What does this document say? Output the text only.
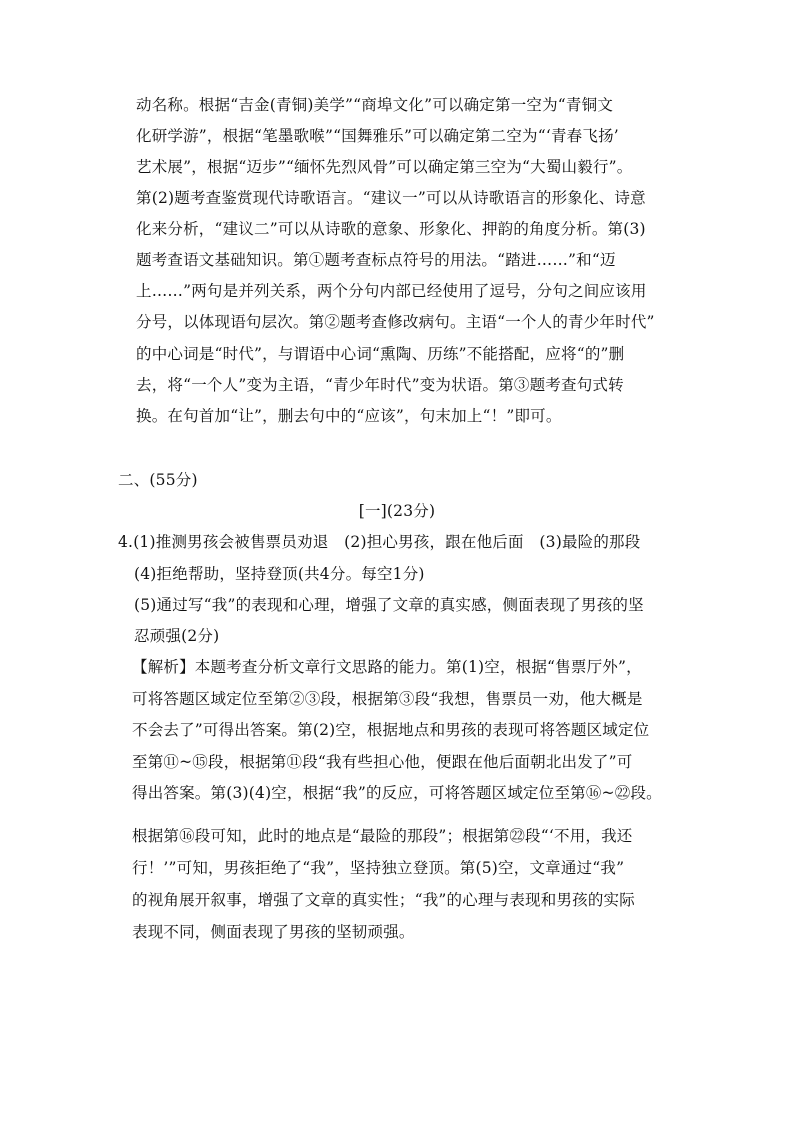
动名称。根据“吉金(青铜)美学”“商埠文化”可以确定第一空为“青铜文
化研学游”，根据“笔墨歌喉”“国舞雅乐”可以确定第二空为“‘青春飞扬’
艺术展”，根据“迈步”“缅怀先烈风骨”可以确定第三空为“大蜀山毅行”。
第(2)题考查鉴赏现代诗歌语言。“建议一”可以从诗歌语言的形象化、诗意
化来分析，“建议二”可以从诗歌的意象、形象化、押韵的角度分析。第(3)
题考查语文基础知识。第①题考查标点符号的用法。“踏进……”和“迈
上……”两句是并列关系，两个分句内部已经使用了逗号，分句之间应该用
分号，以体现语句层次。第②题考查修改病句。主语“一个人的青少年时代”
的中心词是“时代”，与谓语中心词“熏陶、历练”不能搭配，应将“的”删
去，将“一个人”变为主语，“青少年时代”变为状语。第③题考查句式转
换。在句首加“让”，删去句中的“应该”，句末加上“！”即可。
二、(55分)
[一](23分)
4.(1)推测男孩会被售票员劝退　(2)担心男孩，跟在他后面　(3)最险的那段
(4)拒绝帮助，坚持登顶(共4分。每空1分)
(5)通过写“我”的表现和心理，增强了文章的真实感，侧面表现了男孩的坚
忍顽强(2分)
【解析】本题考查分析文章行文思路的能力。第(1)空，根据“售票厅外”，
可将答题区域定位至第②③段，根据第③段“我想，售票员一劝，他大概是
不会去了”可得出答案。第(2)空，根据地点和男孩的表现可将答题区域定位
至第⑪~⑮段，根据第⑪段“我有些担心他，便跟在他后面朝北出发了”可
得出答案。第(3)(4)空，根据“我”的反应，可将答题区域定位至第⑯~㉒段。
根据第⑯段可知，此时的地点是“最险的那段”；根据第㉒段“‘不用，我还
行！’”可知，男孩拒绝了“我”，坚持独立登顶。第(5)空，文章通过“我”
的视角展开叙事，增强了文章的真实性；“我”的心理与表现和男孩的实际
表现不同，侧面表现了男孩的坚韧顽强。
